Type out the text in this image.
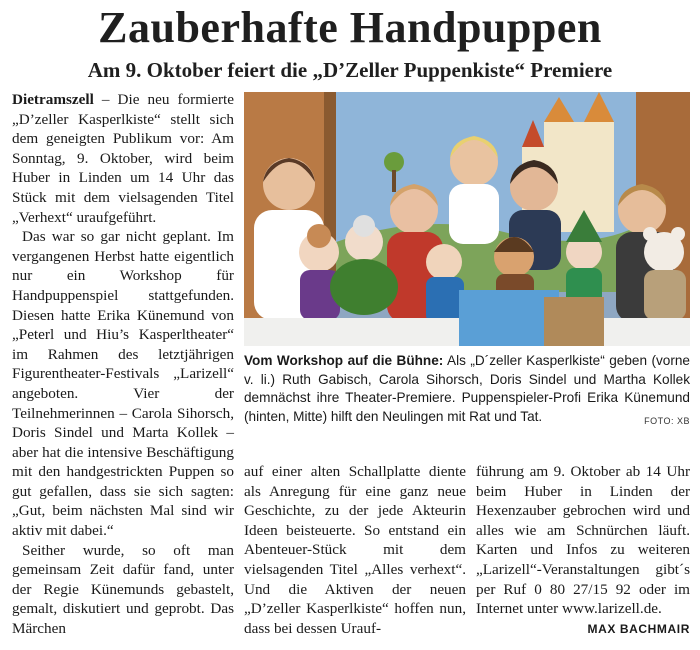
Zauberhafte Handpuppen
Am 9. Oktober feiert die „D’Zeller Puppenkiste“ Premiere

Dietramszell – Die neu formierte „D’zeller Kasperlkiste“ stellt sich dem geneigten Publikum vor: Am Sonntag, 9. Oktober, wird beim Huber in Linden um 14 Uhr das Stück mit dem vielsagenden Titel „Verhext“ uraufgeführt.

Das war so gar nicht geplant. Im vergangenen Herbst hatte eigentlich nur ein Workshop für Handpuppenspiel stattgefunden. Diesen hatte Erika Künemund von „Peterl und Hiu’s Kasperltheater“ im Rahmen des letztjährigen Figurentheater-Festivals „Larizell“ angeboten. Vier der Teilnehmerinnen – Carola Sihorsch, Doris Sindel und Marta Kollek – aber hat die intensive Beschäftigung mit den handgestrickten Puppen so gut gefallen, dass sie sich sagten: „Gut, beim nächsten Mal sind wir aktiv mit dabei.“

Seither wurde, so oft man gemeinsam Zeit dafür fand, unter der Regie Künemunds gebastelt, gemalt, diskutiert und geprobt. Das Märchen

Vom Workshop auf die Bühne: Als „D´zeller Kasperlkiste“ geben (vorne v. li.) Ruth Gabisch, Carola Sihorsch, Doris Sindel und Martha Kollek demnächst ihre Theater-Premiere. Puppenspieler-Profi Erika Künemund (hinten, Mitte) hilft den Neulingen mit Rat und Tat.	FOTO: XB

auf einer alten Schallplatte diente als Anregung für eine ganz neue Geschichte, zu der jede Akteurin Ideen beisteuerte. So entstand ein Abenteuer-Stück mit dem vielsagenden Titel „Alles verhext“. Und die Aktiven der neuen „D’zeller Kasperlkiste“ hoffen nun, dass bei dessen Urauf-

führung am 9. Oktober ab 14 Uhr beim Huber in Linden der Hexenzauber gebrochen wird und alles wie am Schnürchen läuft. Karten und Infos zu weiteren „Larizell“-Veranstaltungen gibt´s per Ruf 0 80 27/15 92 oder im Internet unter www.larizell.de.

MAX BACHMAIR
